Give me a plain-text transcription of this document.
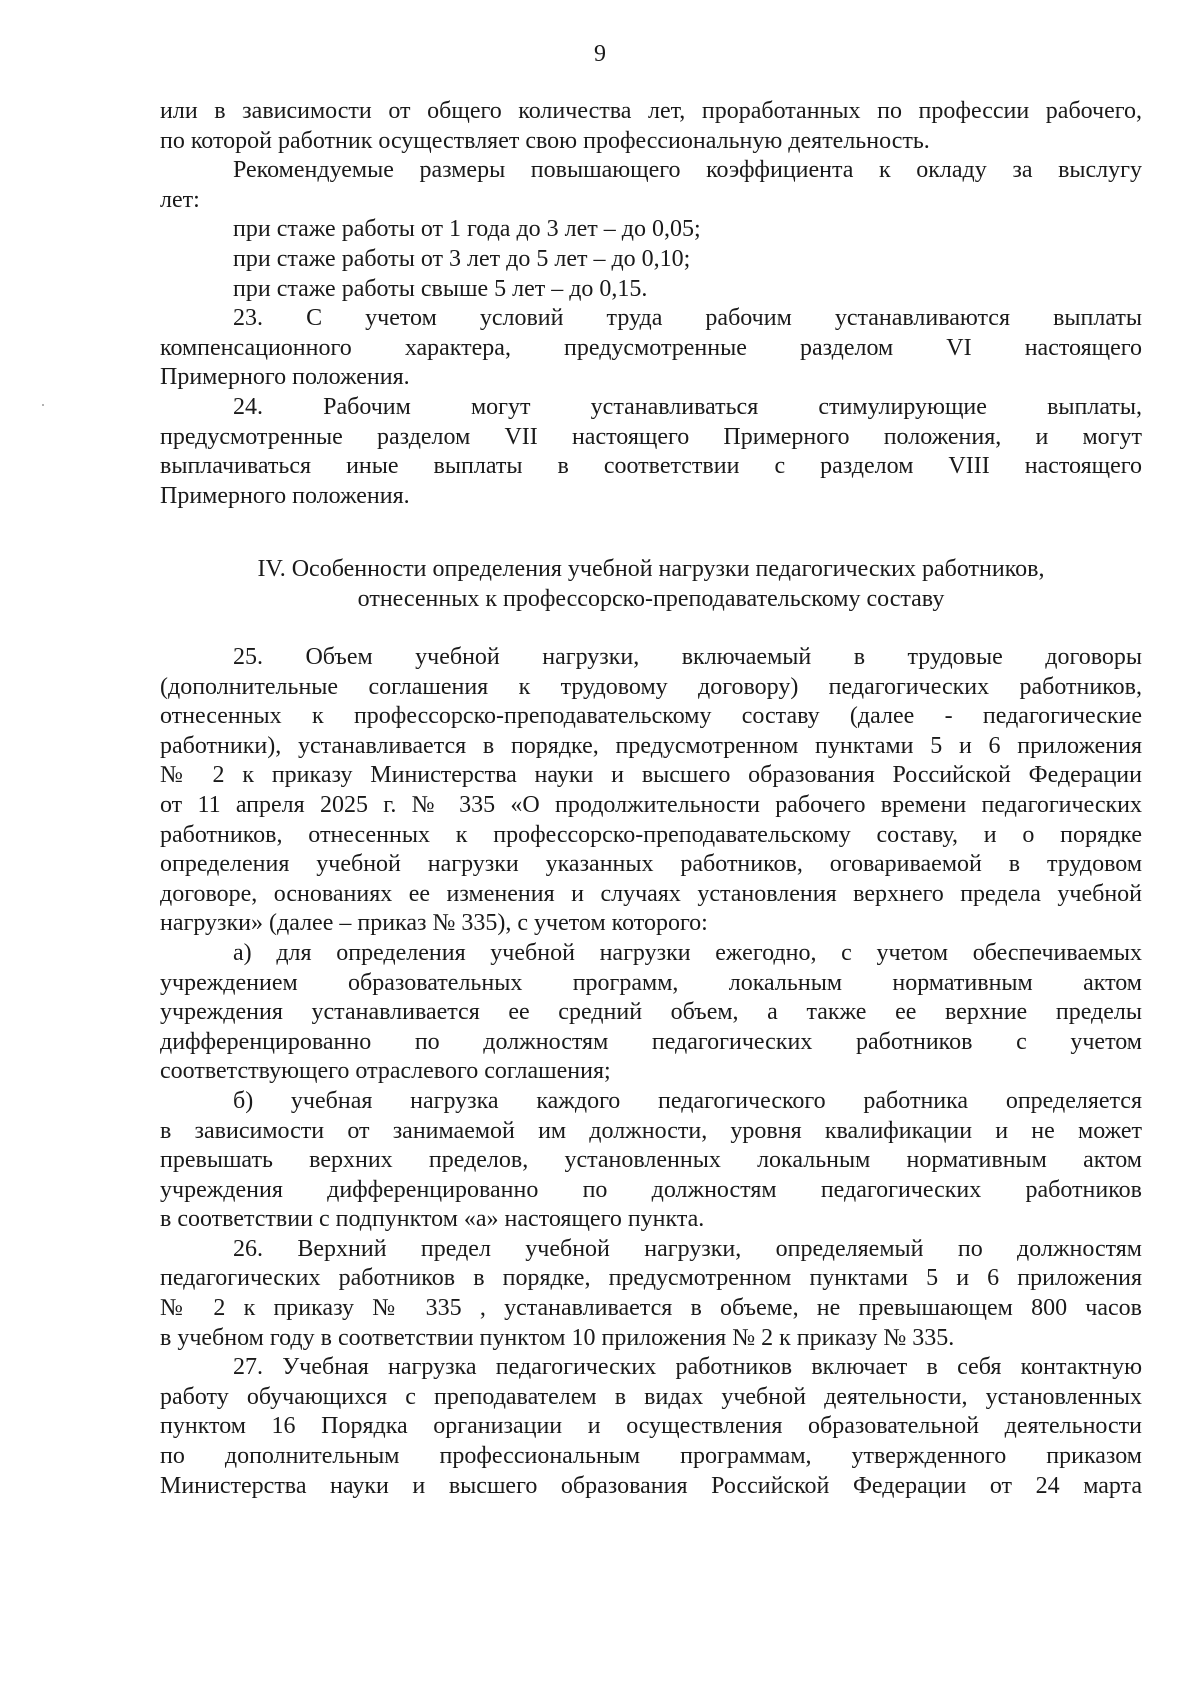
9

или в зависимости от общего количества лет, проработанных по профессии рабочего,

по которой работник осуществляет свою профессиональную деятельность.

Рекомендуемые размеры повышающего коэффициента к окладу за выслугу

лет:

при стаже работы от 1 года до 3 лет – до 0,05;

при стаже работы от 3 лет до 5 лет – до 0,10;

при стаже работы свыше 5 лет – до 0,15.

23. С учетом условий труда рабочим устанавливаются выплаты

компенсационного характера, предусмотренные разделом VI настоящего

Примерного положения.

24. Рабочим могут устанавливаться стимулирующие выплаты,

предусмотренные разделом VII настоящего Примерного положения, и могут

выплачиваться иные выплаты в соответствии с разделом VIII настоящего

Примерного положения.

IV. Особенности определения учебной нагрузки педагогических работников,
отнесенных к профессорско-преподавательскому составу

25. Объем учебной нагрузки, включаемый в трудовые договоры

(дополнительные соглашения к трудовому договору) педагогических работников,

отнесенных к профессорско-преподавательскому составу (далее - педагогические

работники), устанавливается в порядке, предусмотренном пунктами 5 и 6 приложения

№ 2 к приказу Министерства науки и высшего образования Российской Федерации

от 11 апреля 2025 г. № 335 «О продолжительности рабочего времени педагогических

работников, отнесенных к профессорско-преподавательскому составу, и о порядке

определения учебной нагрузки указанных работников, оговариваемой в трудовом

договоре, основаниях ее изменения и случаях установления верхнего предела учебной

нагрузки» (далее – приказ № 335), с учетом которого:

а) для определения учебной нагрузки ежегодно, с учетом обеспечиваемых

учреждением образовательных программ, локальным нормативным актом

учреждения устанавливается ее средний объем, а также ее верхние пределы

дифференцированно по должностям педагогических работников с учетом

соответствующего отраслевого соглашения;

б) учебная нагрузка каждого педагогического работника определяется

в зависимости от занимаемой им должности, уровня квалификации и не может

превышать верхних пределов, установленных локальным нормативным актом

учреждения дифференцированно по должностям педагогических работников

в соответствии с подпунктом «а» настоящего пункта.

26. Верхний предел учебной нагрузки, определяемый по должностям

педагогических работников в порядке, предусмотренном пунктами 5 и 6 приложения

№ 2 к приказу № 335 , устанавливается в объеме, не превышающем 800 часов

в учебном году в соответствии пунктом 10 приложения № 2 к приказу № 335.

27. Учебная нагрузка педагогических работников включает в себя контактную

работу обучающихся с преподавателем в видах учебной деятельности, установленных

пунктом 16 Порядка организации и осуществления образовательной деятельности

по дополнительным профессиональным программам, утвержденного приказом

Министерства науки и высшего образования Российской Федерации от 24 марта
